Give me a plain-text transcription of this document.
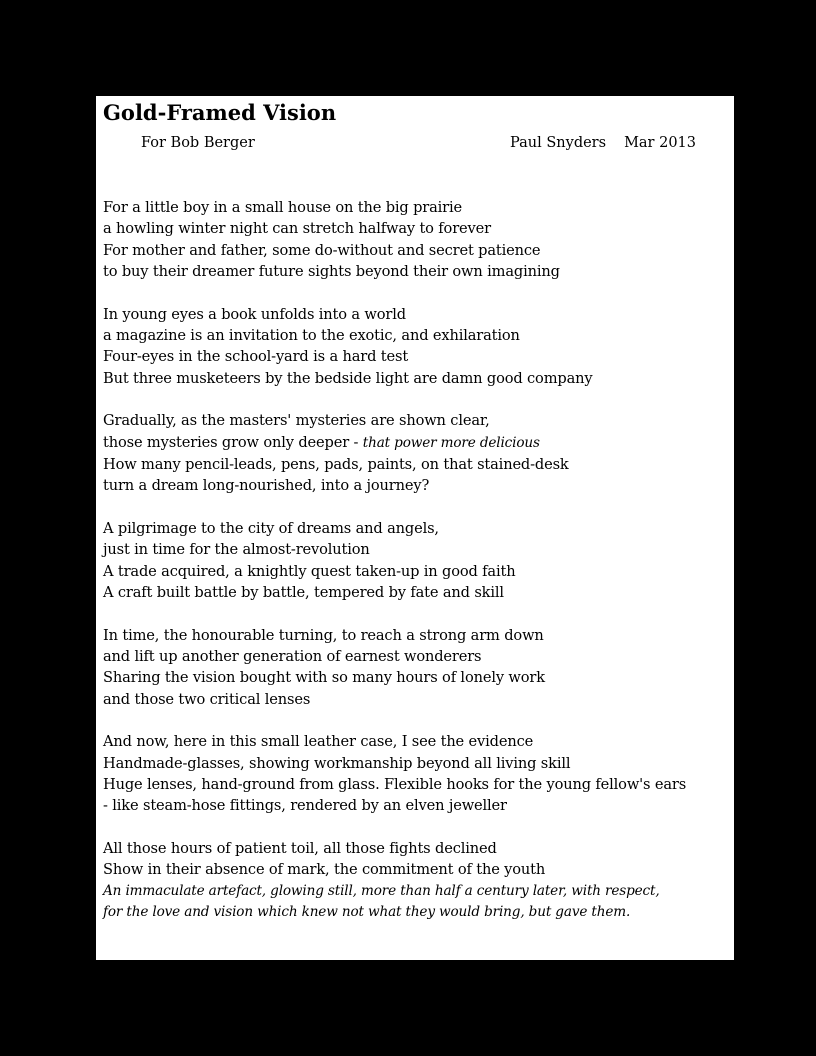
Gold-Framed Vision
For Bob Berger	Paul Snyders Mar 2013
For a little boy in a small house on the big prairie
a howling winter night can stretch halfway to forever
For mother and father, some do-without and secret patience
to buy their dreamer future sights beyond their own imagining
In young eyes a book unfolds into a world
a magazine is an invitation to the exotic, and exhilaration
Four-eyes in the school-yard is a hard test
But three musketeers by the bedside light are damn good company
Gradually, as the masters' mysteries are shown clear,
those mysteries grow only deeper - that power more delicious
How many pencil-leads, pens, pads, paints, on that stained-desk
turn a dream long-nourished, into a journey?
A pilgrimage to the city of dreams and angels,
just in time for the almost-revolution
A trade acquired, a knightly quest taken-up in good faith
A craft built battle by battle, tempered by fate and skill
In time, the honourable turning, to reach a strong arm down
and lift up another generation of earnest wonderers
Sharing the vision bought with so many hours of lonely work
and those two critical lenses
And now, here in this small leather case, I see the evidence
Handmade-glasses, showing workmanship beyond all living skill
Huge lenses, hand-ground from glass. Flexible hooks for the young fellow's ears
- like steam-hose fittings, rendered by an elven jeweller
All those hours of patient toil, all those fights declined
Show in their absence of mark, the commitment of the youth
An immaculate artefact, glowing still, more than half a century later, with respect,
for the love and vision which knew not what they would bring, but gave them.
